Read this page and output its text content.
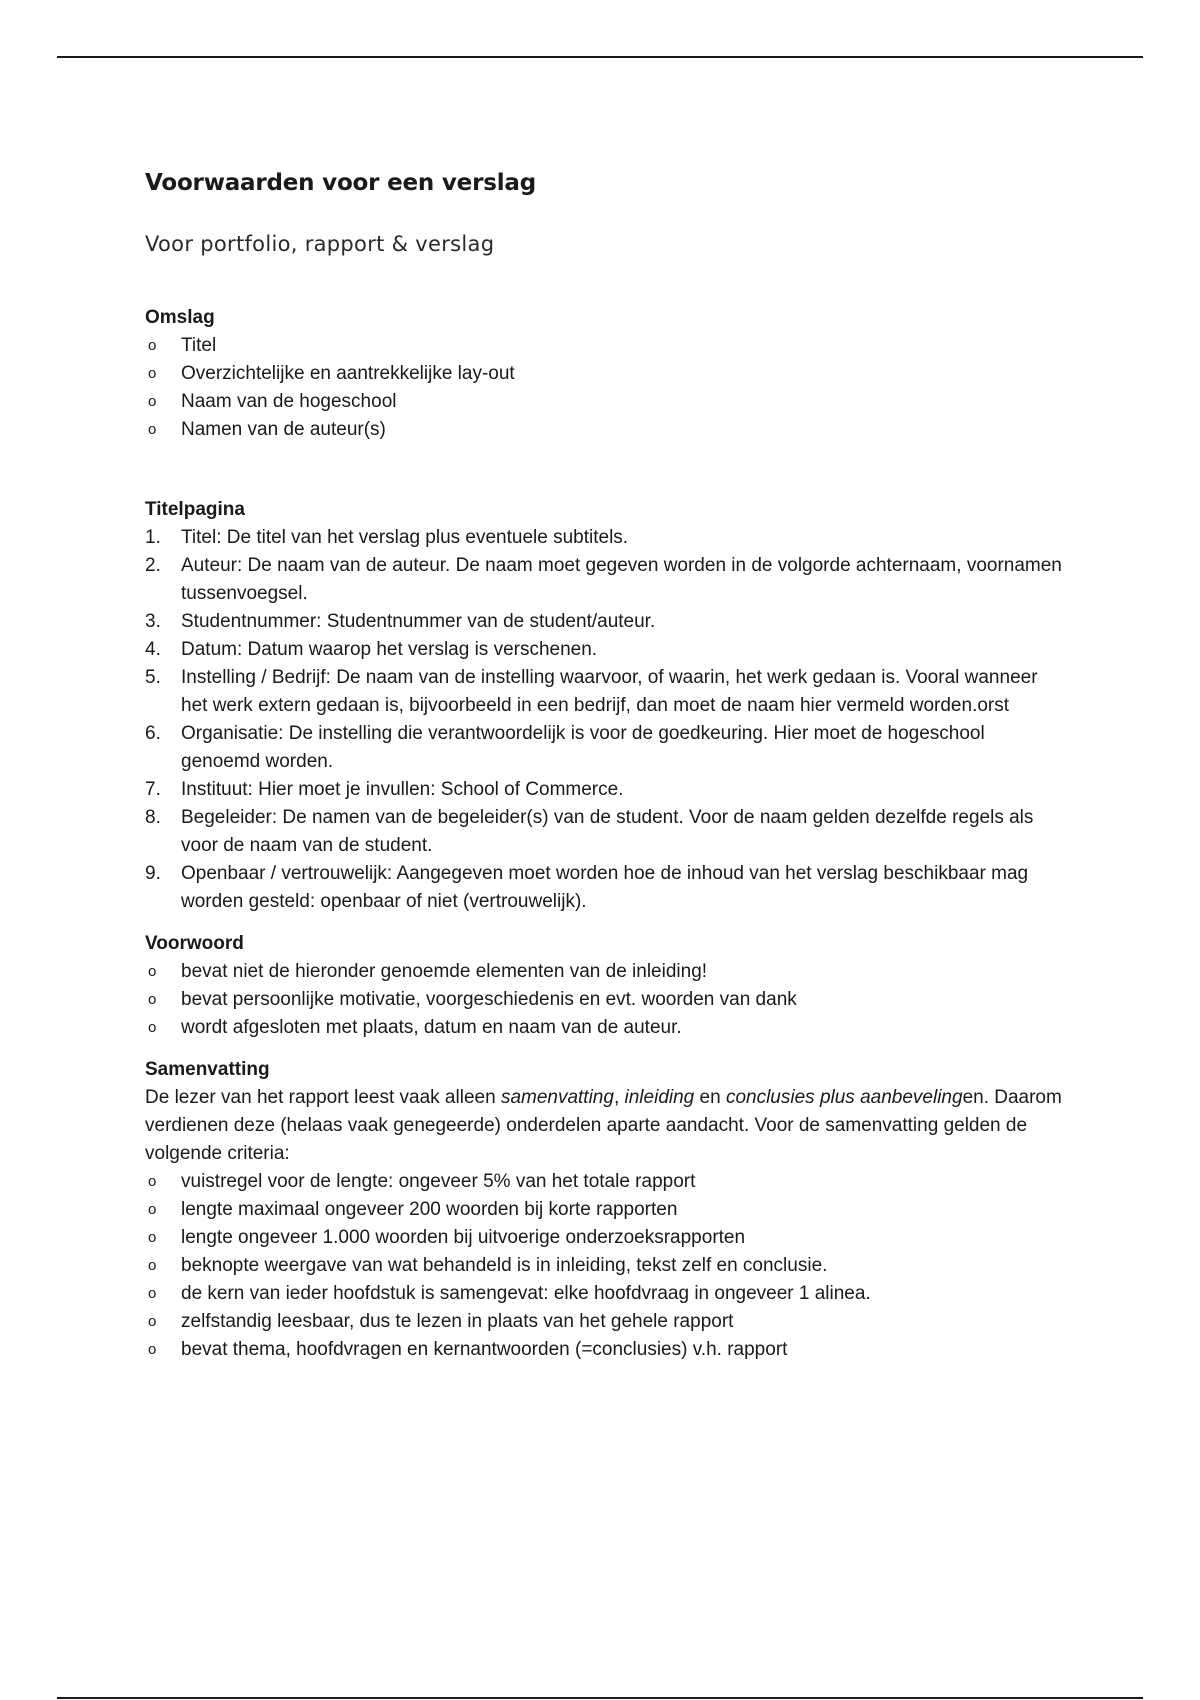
Voorwaarden voor een verslag
Voor portfolio, rapport & verslag
Omslag
o	Titel
o	Overzichtelijke en aantrekkelijke lay-out
o	Naam van de hogeschool
o	Namen van de auteur(s)
Titelpagina
1.	Titel: De titel van het verslag plus eventuele subtitels.
2.	Auteur: De naam van de auteur. De naam moet gegeven worden in de volgorde achternaam, voornamen tussenvoegsel.
3.	Studentnummer: Studentnummer van de student/auteur.
4.	Datum: Datum waarop het verslag is verschenen.
5.	Instelling / Bedrijf: De naam van de instelling waarvoor, of waarin, het werk gedaan is. Vooral wanneer het werk extern gedaan is, bijvoorbeeld in een bedrijf, dan moet de naam hier vermeld worden.orst
6.	Organisatie: De instelling die verantwoordelijk is voor de goedkeuring. Hier moet de hogeschool genoemd worden.
7.	Instituut: Hier moet je invullen: School of Commerce.
8.	Begeleider: De namen van de begeleider(s) van de student. Voor de naam gelden dezelfde regels als voor de naam van de student.
9.	Openbaar / vertrouwelijk: Aangegeven moet worden hoe de inhoud van het verslag beschikbaar mag worden gesteld: openbaar of niet (vertrouwelijk).
Voorwoord
o	bevat niet de hieronder genoemde elementen van de inleiding!
o	bevat persoonlijke motivatie, voorgeschiedenis en evt. woorden van dank
o	wordt afgesloten met plaats, datum en naam van de auteur.
Samenvatting

De lezer van het rapport leest vaak alleen samenvatting, inleiding en conclusies plus aanbevelingen. Daarom verdienen deze (helaas vaak genegeerde) onderdelen aparte aandacht. Voor de samenvatting gelden de volgende criteria:

o	vuistregel voor de lengte: ongeveer 5% van het totale rapport
o	lengte maximaal ongeveer 200 woorden bij korte rapporten
o	lengte ongeveer 1.000 woorden bij uitvoerige onderzoeksrapporten
o	beknopte weergave van wat behandeld is in inleiding, tekst zelf en conclusie.
o	de kern van ieder hoofdstuk is samengevat: elke hoofdvraag in ongeveer 1 alinea.
o	zelfstandig leesbaar, dus te lezen in plaats van het gehele rapport
o	bevat thema, hoofdvragen en kernantwoorden (=conclusies) v.h. rapport
